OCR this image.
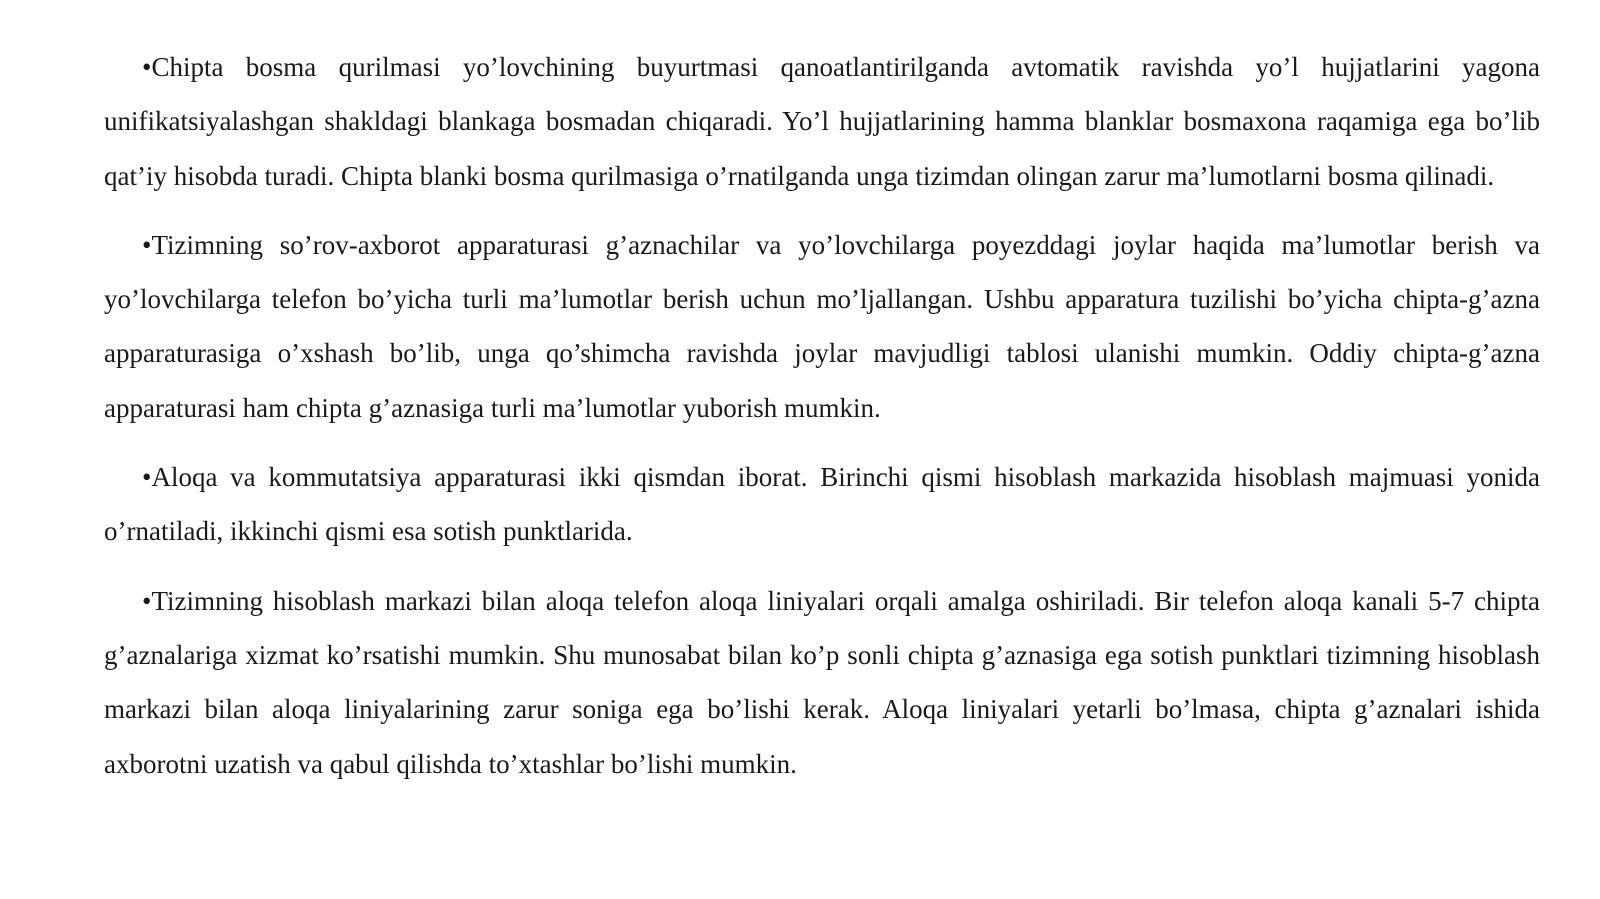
•Chipta bosma qurilmasi yo’lovchining buyurtmasi qanoatlantirilganda avtomatik ravishda yo’l hujjatlarini yagona unifikatsiyalashgan shakldagi blankaga bosmadan chiqaradi. Yo’l hujjatlarining hamma blanklar bosmaxona raqamiga ega bo’lib qat’iy hisobda turadi. Chipta blanki bosma qurilmasiga o’rnatilganda unga tizimdan olingan zarur ma’lumotlarni bosma qilinadi.

•Tizimning so’rov-axborot apparaturasi g’aznachilar va yo’lovchilarga poyezddagi joylar haqida ma’lumotlar berish va yo’lovchilarga telefon bo’yicha turli ma’lumotlar berish uchun mo’ljallangan. Ushbu apparatura tuzilishi bo’yicha chipta-g’azna apparaturasiga o’xshash bo’lib, unga qo’shimcha ravishda joylar mavjudligi tablosi ulanishi mumkin. Oddiy chipta-g’azna apparaturasi ham chipta g’aznasiga turli ma’lumotlar yuborish mumkin.

•Aloqa va kommutatsiya apparaturasi ikki qismdan iborat. Birinchi qismi hisoblash markazida hisoblash majmuasi yonida o’rnatiladi, ikkinchi qismi esa sotish punktlarida.

•Tizimning hisoblash markazi bilan aloqa telefon aloqa liniyalari orqali amalga oshiriladi. Bir telefon aloqa kanali 5-7 chipta g’aznalariga xizmat ko’rsatishi mumkin. Shu munosabat bilan ko’p sonli chipta g’aznasiga ega sotish punktlari tizimning hisoblash markazi bilan aloqa liniyalarining zarur soniga ega bo’lishi kerak. Aloqa liniyalari yetarli bo’lmasa, chipta g’aznalari ishida axborotni uzatish va qabul qilishda to’xtashlar bo’lishi mumkin.
